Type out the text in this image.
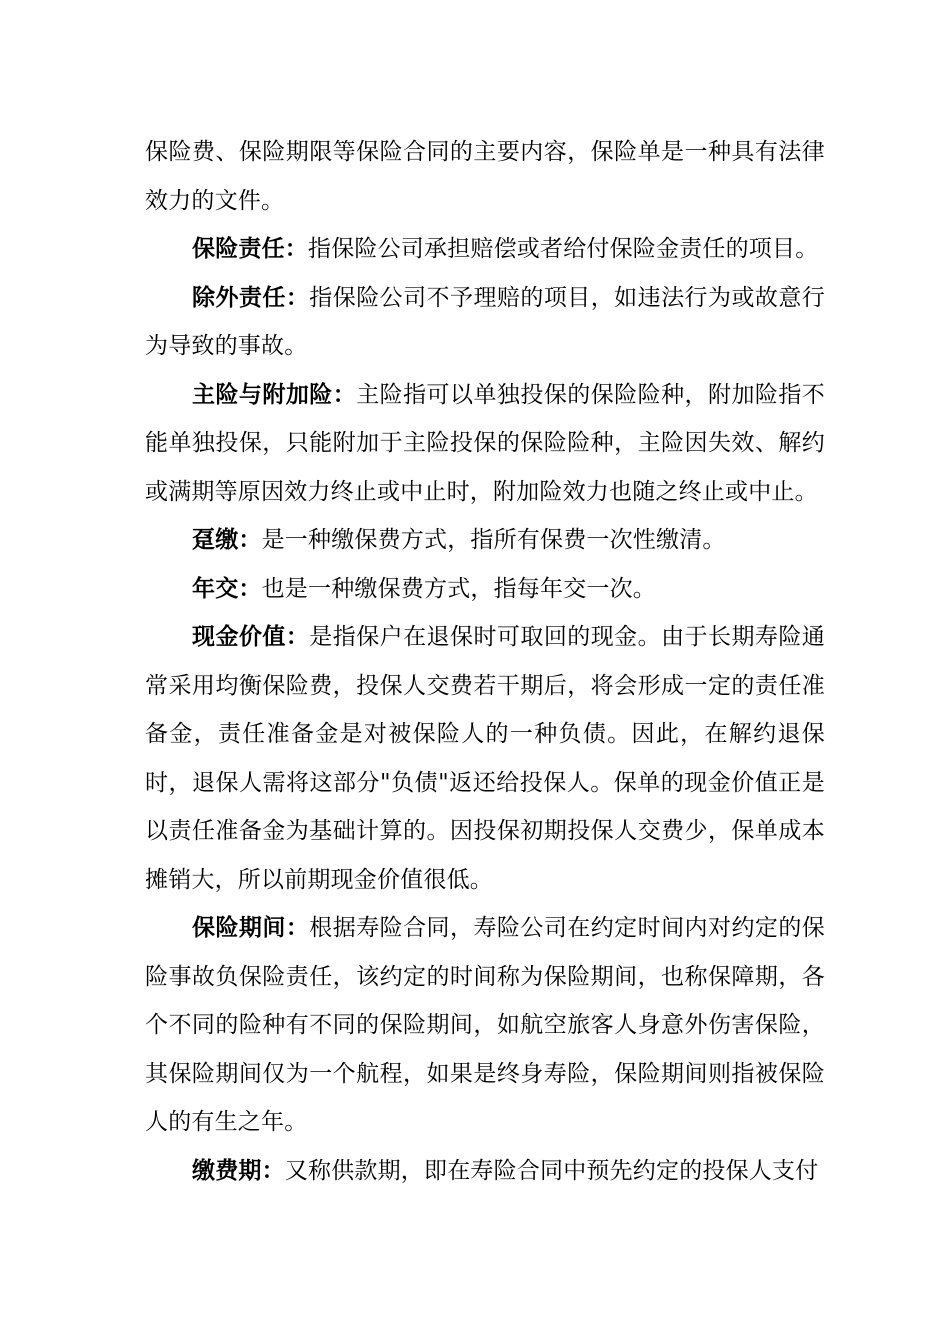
保险费、保险期限等保险合同的主要内容，保险单是一种具有法律效力的文件。

保险责任：指保险公司承担赔偿或者给付保险金责任的项目。

除外责任：指保险公司不予理赔的项目，如违法行为或故意行为导致的事故。

主险与附加险：主险指可以单独投保的保险险种，附加险指不能单独投保，只能附加于主险投保的保险险种，主险因失效、解约或满期等原因效力终止或中止时，附加险效力也随之终止或中止。

趸缴：是一种缴保费方式，指所有保费一次性缴清。

年交：也是一种缴保费方式，指每年交一次。

现金价值：是指保户在退保时可取回的现金。由于长期寿险通常采用均衡保险费，投保人交费若干期后，将会形成一定的责任准备金，责任准备金是对被保险人的一种负债。因此，在解约退保时，退保人需将这部分"负债"返还给投保人。保单的现金价值正是以责任准备金为基础计算的。因投保初期投保人交费少，保单成本摊销大，所以前期现金价值很低。

保险期间：根据寿险合同，寿险公司在约定时间内对约定的保险事故负保险责任，该约定的时间称为保险期间，也称保障期，各个不同的险种有不同的保险期间，如航空旅客人身意外伤害保险，其保险期间仅为一个航程，如果是终身寿险，保险期间则指被保险人的有生之年。

缴费期：又称供款期，即在寿险合同中预先约定的投保人支付
